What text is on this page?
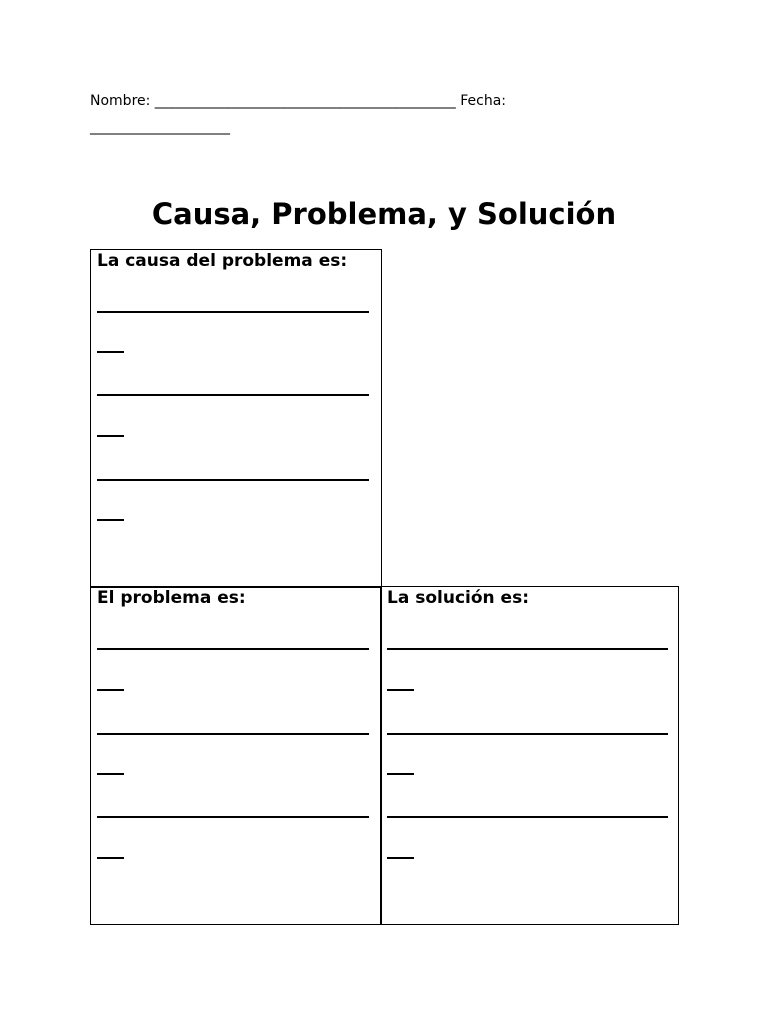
Nombre: ___________________________________________ Fecha:
____________________
Causa, Problema, y Solución
La causa del problema es:
El problema es:	La solución es:
